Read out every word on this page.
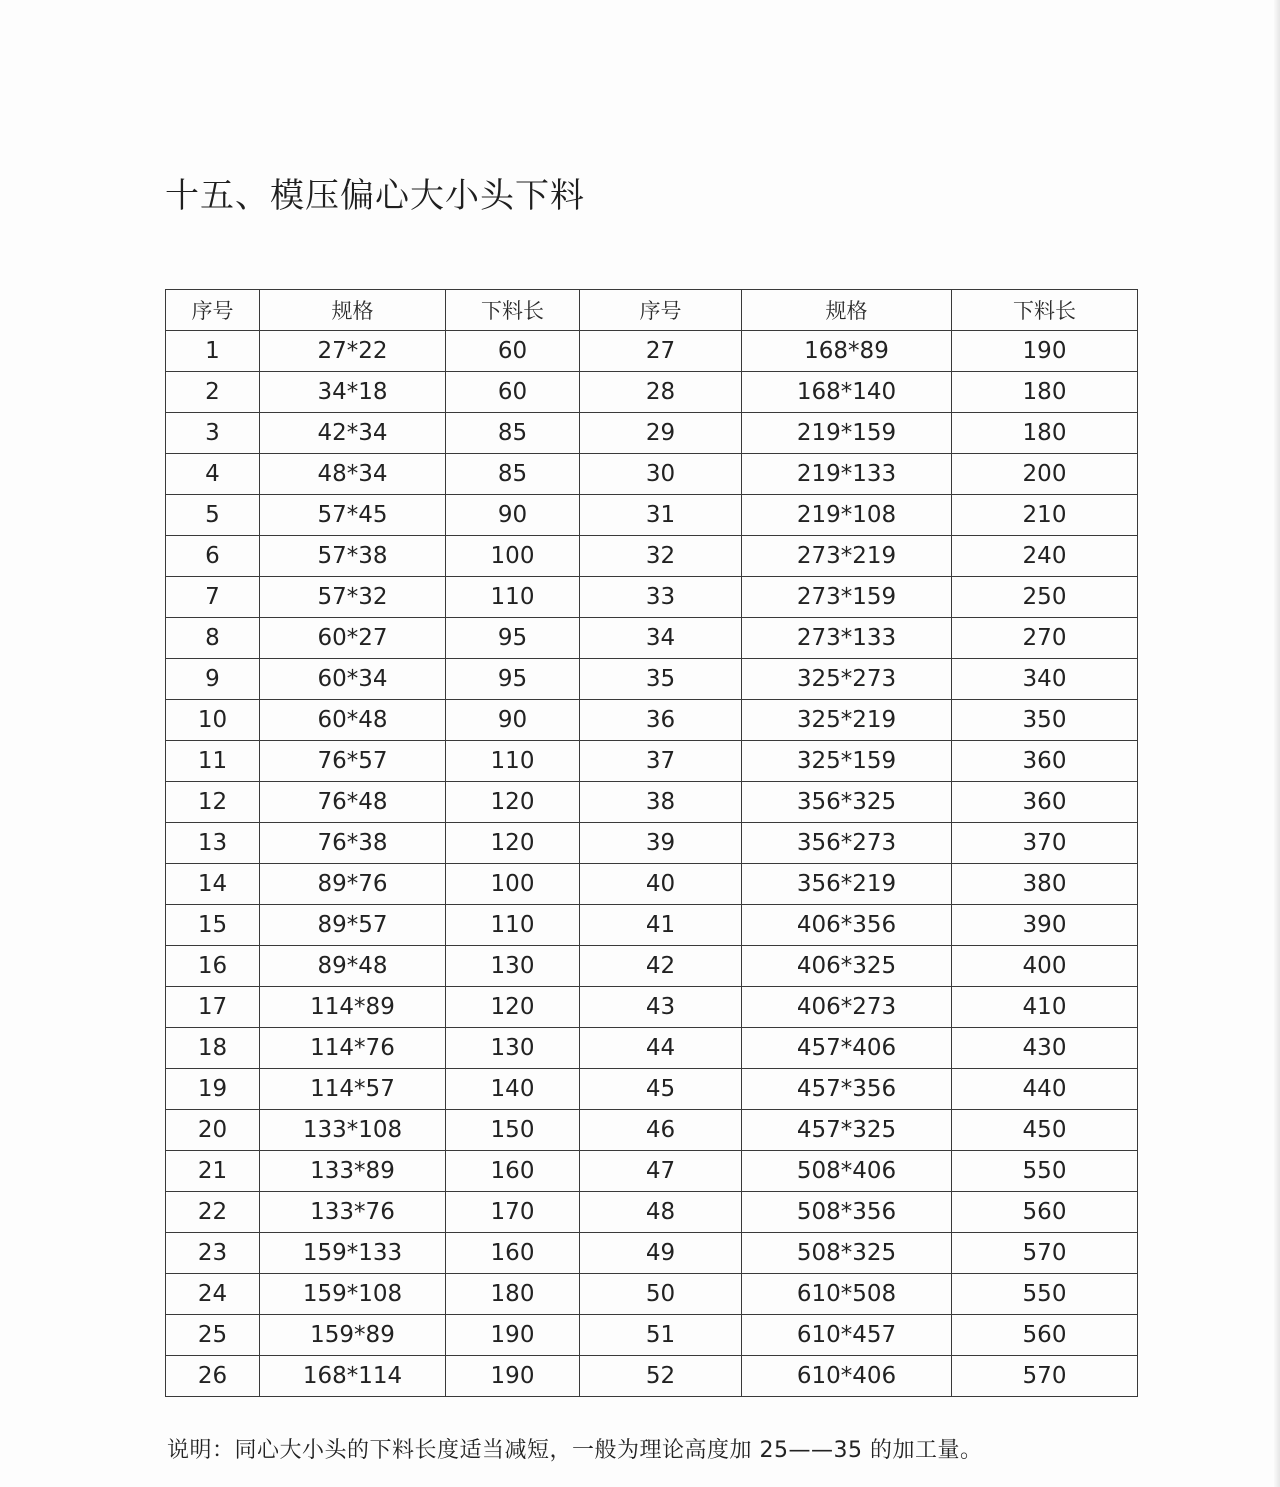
十五、模压偏心大小头下料
序号	规格	下料长	序号	规格	下料长
1	27*22	60	27	168*89	190
2	34*18	60	28	168*140	180
3	42*34	85	29	219*159	180
4	48*34	85	30	219*133	200
5	57*45	90	31	219*108	210
6	57*38	100	32	273*219	240
7	57*32	110	33	273*159	250
8	60*27	95	34	273*133	270
9	60*34	95	35	325*273	340
10	60*48	90	36	325*219	350
11	76*57	110	37	325*159	360
12	76*48	120	38	356*325	360
13	76*38	120	39	356*273	370
14	89*76	100	40	356*219	380
15	89*57	110	41	406*356	390
16	89*48	130	42	406*325	400
17	114*89	120	43	406*273	410
18	114*76	130	44	457*406	430
19	114*57	140	45	457*356	440
20	133*108	150	46	457*325	450
21	133*89	160	47	508*406	550
22	133*76	170	48	508*356	560
23	159*133	160	49	508*325	570
24	159*108	180	50	610*508	550
25	159*89	190	51	610*457	560
26	168*114	190	52	610*406	570
说明：同心大小头的下料长度适当减短，一般为理论高度加 25——35 的加工量。
